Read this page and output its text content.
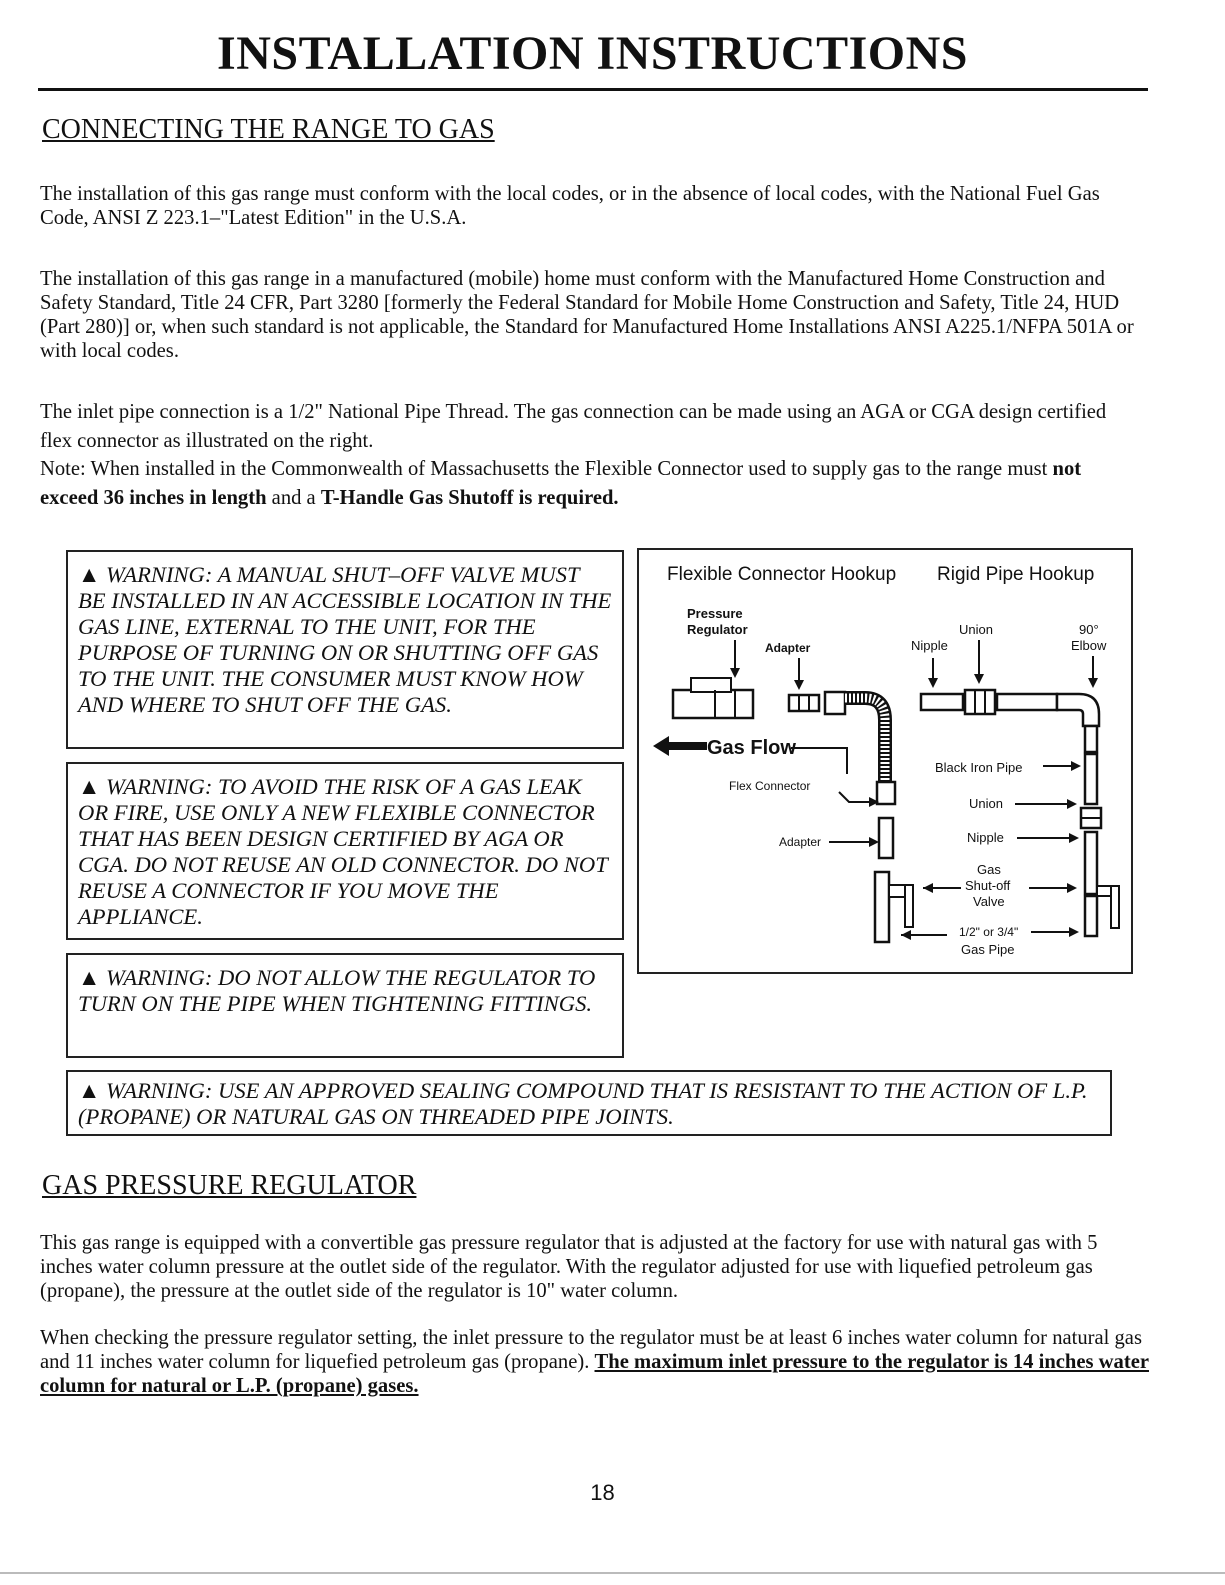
INSTALLATION INSTRUCTIONS
CONNECTING THE RANGE TO GAS
The installation of this gas range must conform with the local codes, or in the absence of local codes, with the National Fuel Gas Code, ANSI Z 223.1–"Latest Edition" in the U.S.A.
The installation of this gas range in a manufactured (mobile) home must conform with the Manufactured Home Construction and Safety Standard, Title 24 CFR, Part 3280 [formerly the Federal Standard for Mobile Home Construction and Safety, Title 24, HUD (Part 280)] or, when such standard is not applicable, the Standard for Manufactured Home Installations ANSI A225.1/NFPA 501A or with local codes.
The inlet pipe connection is a 1/2" National Pipe Thread. The gas connection can be made using an AGA or CGA design certified flex connector as illustrated on the right.
Note: When installed in the Commonwealth of Massachusetts the Flexible Connector used to supply gas to the range must not exceed 36 inches in length and a T-Handle Gas Shutoff is required.
▲ WARNING: A MANUAL SHUT–OFF VALVE MUST BE INSTALLED IN AN ACCESSIBLE LOCATION IN THE GAS LINE, EXTERNAL TO THE UNIT, FOR THE PURPOSE OF TURNING ON OR SHUTTING OFF GAS TO THE UNIT. THE CONSUMER MUST KNOW HOW AND WHERE TO SHUT OFF THE GAS.
▲ WARNING: TO AVOID THE RISK OF A GAS LEAK OR FIRE, USE ONLY A NEW FLEXIBLE CONNECTOR THAT HAS BEEN DESIGN CERTIFIED BY AGA OR CGA. DO NOT REUSE AN OLD CONNECTOR. DO NOT REUSE A CONNECTOR IF YOU MOVE THE APPLIANCE.
▲ WARNING: DO NOT ALLOW THE REGULATOR TO TURN ON THE PIPE WHEN TIGHTENING FITTINGS.
▲ WARNING: USE AN APPROVED SEALING COMPOUND THAT IS RESISTANT TO THE ACTION OF L.P. (PROPANE) OR NATURAL GAS ON THREADED PIPE JOINTS.
Flexible Connector Hookup Rigid Pipe Hookup
Pressure
Regulator
Adapter
Gas Flow
Flex Connector
Adapter
Union
Nipple
90°
Elbow
Black Iron Pipe
Union
Nipple
Gas
Shut-off
Valve
1/2" or 3/4"
Gas Pipe
GAS PRESSURE REGULATOR
This gas range is equipped with a convertible gas pressure regulator that is adjusted at the factory for use with natural gas with 5 inches water column pressure at the outlet side of the regulator. With the regulator adjusted for use with liquefied petroleum gas (propane), the pressure at the outlet side of the regulator is 10" water column.
When checking the pressure regulator setting, the inlet pressure to the regulator must be at least 6 inches water column for natural gas and 11 inches water column for liquefied petroleum gas (propane). The maximum inlet pressure to the regulator is 14 inches water column for natural or L.P. (propane) gases.
18
